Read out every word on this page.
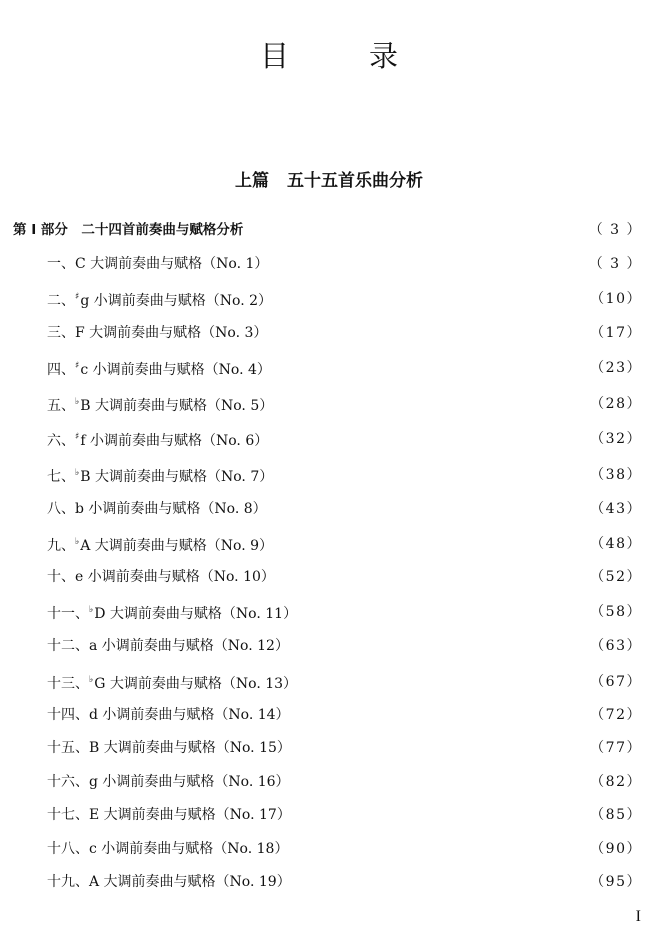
目	录
上篇 五十五首乐曲分析
第 I 部分　二十四首前奏曲与赋格分析	（ 3 ）
一、C 大调前奏曲与赋格（No. 1）	（ 3 ）
二、♯g 小调前奏曲与赋格（No. 2）	（10）
三、F 大调前奏曲与赋格（No. 3）	（17）
四、♯c 小调前奏曲与赋格（No. 4）	（23）
五、♭B 大调前奏曲与赋格（No. 5）	（28）
六、♯f 小调前奏曲与赋格（No. 6）	（32）
七、♭B 大调前奏曲与赋格（No. 7）	（38）
八、b 小调前奏曲与赋格（No. 8）	（43）
九、♭A 大调前奏曲与赋格（No. 9）	（48）
十、e 小调前奏曲与赋格（No. 10）	（52）
十一、♭D 大调前奏曲与赋格（No. 11）	（58）
十二、a 小调前奏曲与赋格（No. 12）	（63）
十三、♭G 大调前奏曲与赋格（No. 13）	（67）
十四、d 小调前奏曲与赋格（No. 14）	（72）
十五、B 大调前奏曲与赋格（No. 15）	（77）
十六、g 小调前奏曲与赋格（No. 16）	（82）
十七、E 大调前奏曲与赋格（No. 17）	（85）
十八、c 小调前奏曲与赋格（No. 18）	（90）
十九、A 大调前奏曲与赋格（No. 19）	（95）
I
